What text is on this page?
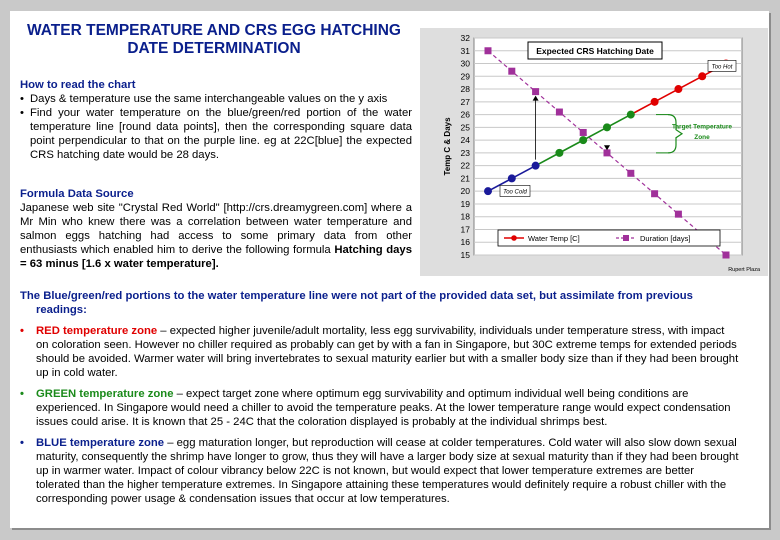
WATER TEMPERATURE AND CRS EGG HATCHING
DATE DETERMINATION
How to read the chart
• Days & temperature use the same interchangeable values on the y axis
• Find your water temperature on the blue/green/red portion of the water temperature line [round data points], then the corresponding square data point perpendicular to that on the purple line. eg at 22C[blue] the expected CRS hatching date would be 28 days.
Formula Data Source
Japanese web site "Crystal Red World" [http://crs.dreamygreen.com] where a Mr Min who knew there was a correlation between water temperature and salmon eggs hatching had access to some primary data from other enthusiasts which enabled him to derive the following formula Hatching days = 63 minus [1.6 x water temperature].
15
16
17
18
19
20
21
22
23
24
25
26
27
28
29
30
31
32
Temp C & Days
Expected CRS Hatching Date
Target Temperature
Zone
Too Hot
Too Cold
Water Temp [C]	Duration [days]
Rupert Plaza
The Blue/green/red portions to the water temperature line were not part of the provided data set, but assimilate from previous readings:
• RED temperature zone – expected higher juvenile/adult mortality, less egg survivability, individuals under temperature stress, with impact on coloration seen. However no chiller required as probably can get by with a fan in Singapore, but 30C extreme temps for extended periods should be avoided. Warmer water will bring invertebrates to sexual maturity earlier but with a smaller body size than if they had been brought up in cold water.
• GREEN temperature zone – expect target zone where optimum egg survivability and optimum individual well being conditions are experienced. In Singapore would need a chiller to avoid the temperature peaks. At the lower temperature range would expect condensation issues could arise. It is known that 25 - 24C that the coloration displayed is probably at the individual shrimps best.
• BLUE temperature zone – egg maturation longer, but reproduction will cease at colder temperatures. Cold water will also slow down sexual maturity, consequently the shrimp have longer to grow, thus they will have a larger body size at sexual maturity than if they had been brought up in warmer water. Impact of colour vibrancy below 22C is not known, but would expect that lower temperature extremes are better tolerated than the higher temperature extremes. In Singapore attaining these temperatures would definitely require a robust chiller with the corresponding power usage & condensation issues that occur at low temperatures.
Rupert Plaza
